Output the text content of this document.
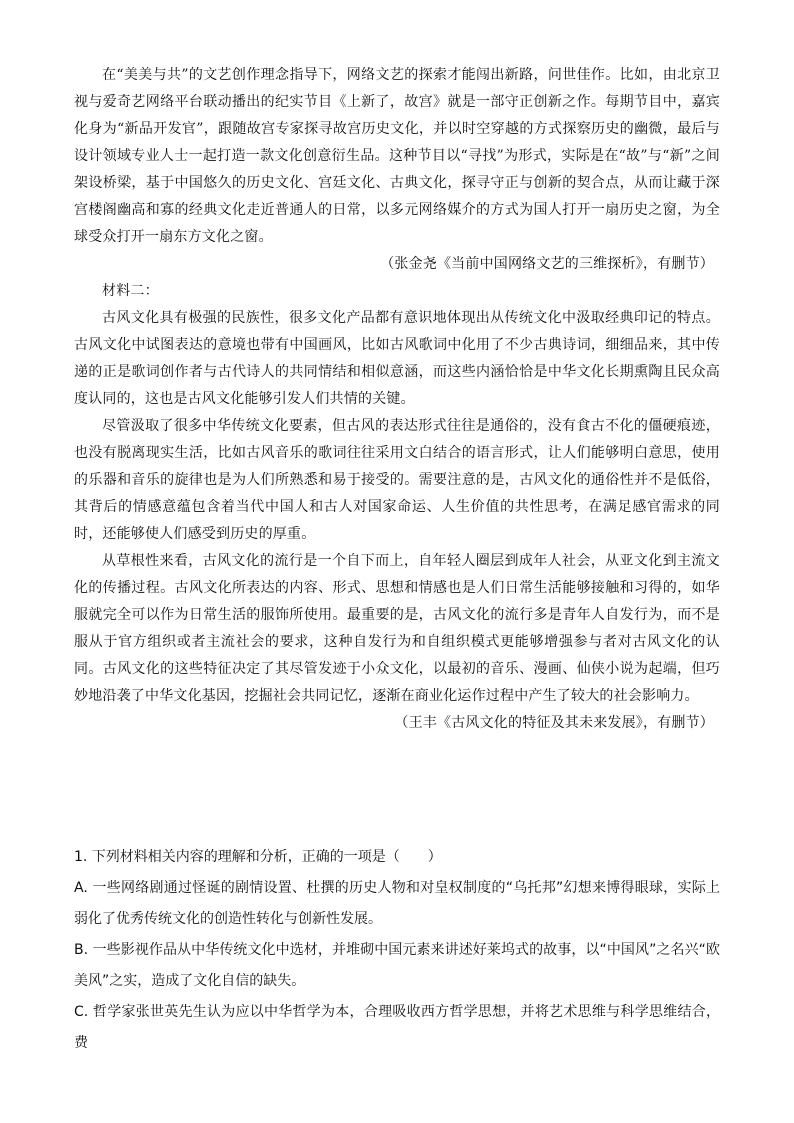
在“美美与共”的文艺创作理念指导下，网络文艺的探索才能闯出新路，问世佳作。比如，由北京卫视与爱奇艺网络平台联动播出的纪实节目《上新了，故宫》就是一部守正创新之作。每期节目中，嘉宾化身为“新品开发官”，跟随故宫专家探寻故宫历史文化，并以时空穿越的方式探察历史的幽微，最后与设计领域专业人士一起打造一款文化创意衍生品。这种节目以“寻找”为形式，实际是在“故”与“新”之间架设桥梁，基于中国悠久的历史文化、宫廷文化、古典文化，探寻守正与创新的契合点，从而让藏于深宫楼阁幽高和寡的经典文化走近普通人的日常，以多元网络媒介的方式为国人打开一扇历史之窗，为全球受众打开一扇东方文化之窗。

（张金尧《当前中国网络文艺的三维探析》，有删节）

材料二：

古风文化具有极强的民族性，很多文化产品都有意识地体现出从传统文化中汲取经典印记的特点。古风文化中试图表达的意境也带有中国画风，比如古风歌词中化用了不少古典诗词，细细品来，其中传递的正是歌词创作者与古代诗人的共同情结和相似意涵，而这些内涵恰恰是中华文化长期熏陶且民众高度认同的，这也是古风文化能够引发人们共情的关键。

尽管汲取了很多中华传统文化要素，但古风的表达形式往往是通俗的，没有食古不化的僵硬痕迹，也没有脱离现实生活，比如古风音乐的歌词往往采用文白结合的语言形式，让人们能够明白意思，使用的乐器和音乐的旋律也是为人们所熟悉和易于接受的。需要注意的是，古风文化的通俗性并不是低俗，其背后的情感意蕴包含着当代中国人和古人对国家命运、人生价值的共性思考，在满足感官需求的同时，还能够使人们感受到历史的厚重。

从草根性来看，古风文化的流行是一个自下而上，自年轻人圈层到成年人社会，从亚文化到主流文化的传播过程。古风文化所表达的内容、形式、思想和情感也是人们日常生活能够接触和习得的，如华服就完全可以作为日常生活的服饰所使用。最重要的是，古风文化的流行多是青年人自发行为，而不是服从于官方组织或者主流社会的要求，这种自发行为和自组织模式更能够增强参与者对古风文化的认同。古风文化的这些特征决定了其尽管发迹于小众文化，以最初的音乐、漫画、仙侠小说为起端，但巧妙地沿袭了中华文化基因，挖掘社会共同记忆，逐渐在商业化运作过程中产生了较大的社会影响力。

（王丰《古风文化的特征及其未来发展》，有删节）

1. 下列材料相关内容的理解和分析，正确的一项是（　　）

A. 一些网络剧通过怪诞的剧情设置、杜撰的历史人物和对皇权制度的“乌托邦”幻想来博得眼球，实际上弱化了优秀传统文化的创造性转化与创新性发展。

B. 一些影视作品从中华传统文化中选材，并堆砌中国元素来讲述好莱坞式的故事，以“中国风”之名兴“欧美风”之实，造成了文化自信的缺失。

C. 哲学家张世英先生认为应以中华哲学为本，合理吸收西方哲学思想，并将艺术思维与科学思维结合，费
